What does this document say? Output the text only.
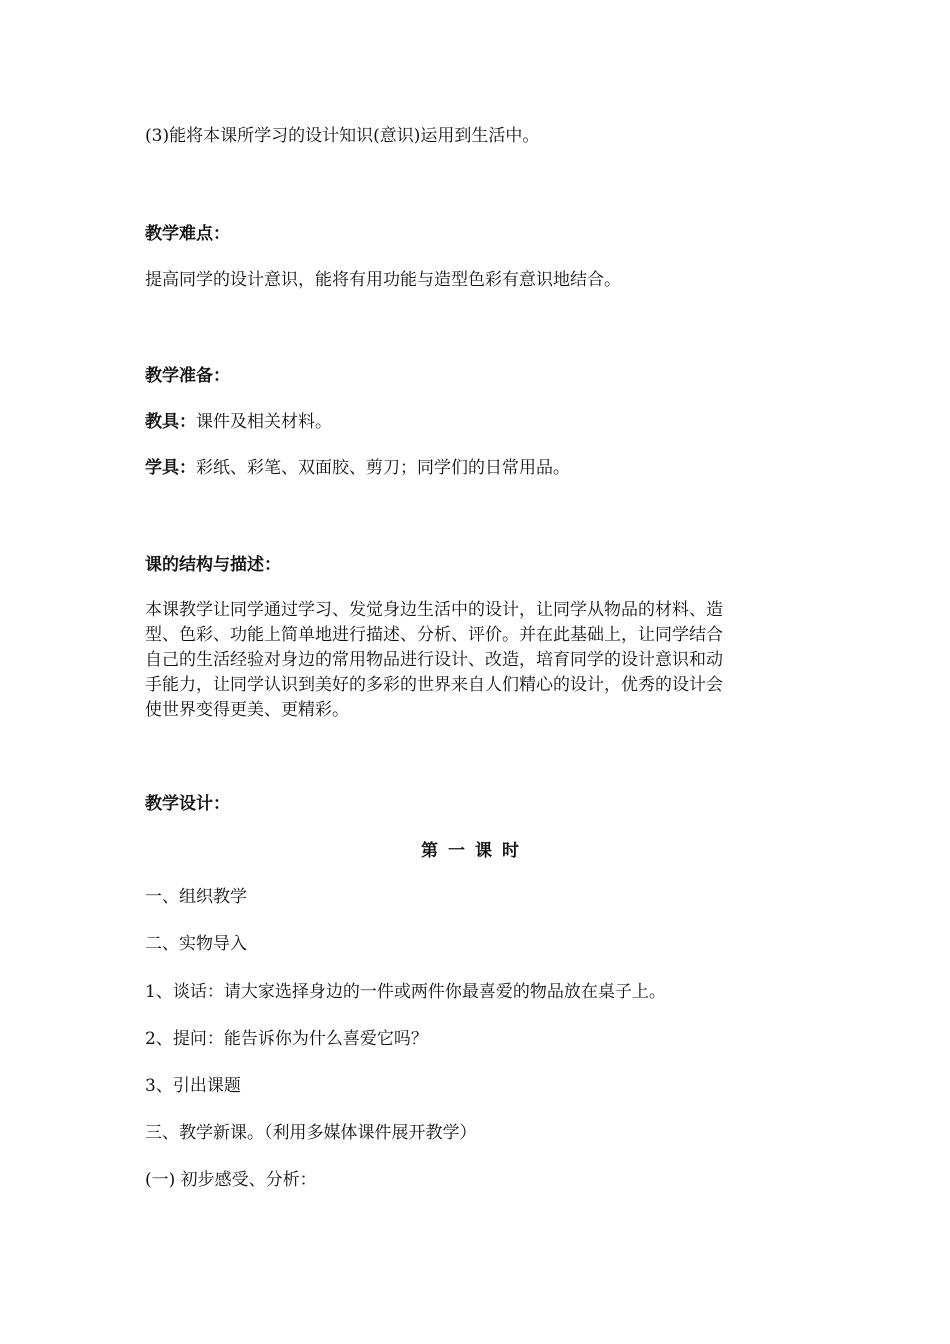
(3)能将本课所学习的设计知识(意识)运用到生活中。
教学难点：
提高同学的设计意识，能将有用功能与造型色彩有意识地结合。
教学准备：
教具：课件及相关材料。
学具：彩纸、彩笔、双面胶、剪刀；同学们的日常用品。
课的结构与描述：
本课教学让同学通过学习、发觉身边生活中的设计，让同学从物品的材料、造
型、色彩、功能上简单地进行描述、分析、评价。并在此基础上，让同学结合
自己的生活经验对身边的常用物品进行设计、改造，培育同学的设计意识和动
手能力，让同学认识到美好的多彩的世界来自人们精心的设计，优秀的设计会
使世界变得更美、更精彩。
教学设计：
第一课时
一、组织教学
二、实物导入
1、谈话：请大家选择身边的一件或两件你最喜爱的物品放在桌子上。
2、提问：能告诉你为什么喜爱它吗？
3、引出课题
三、教学新课。（利用多媒体课件展开教学）
(一) 初步感受、分析：
